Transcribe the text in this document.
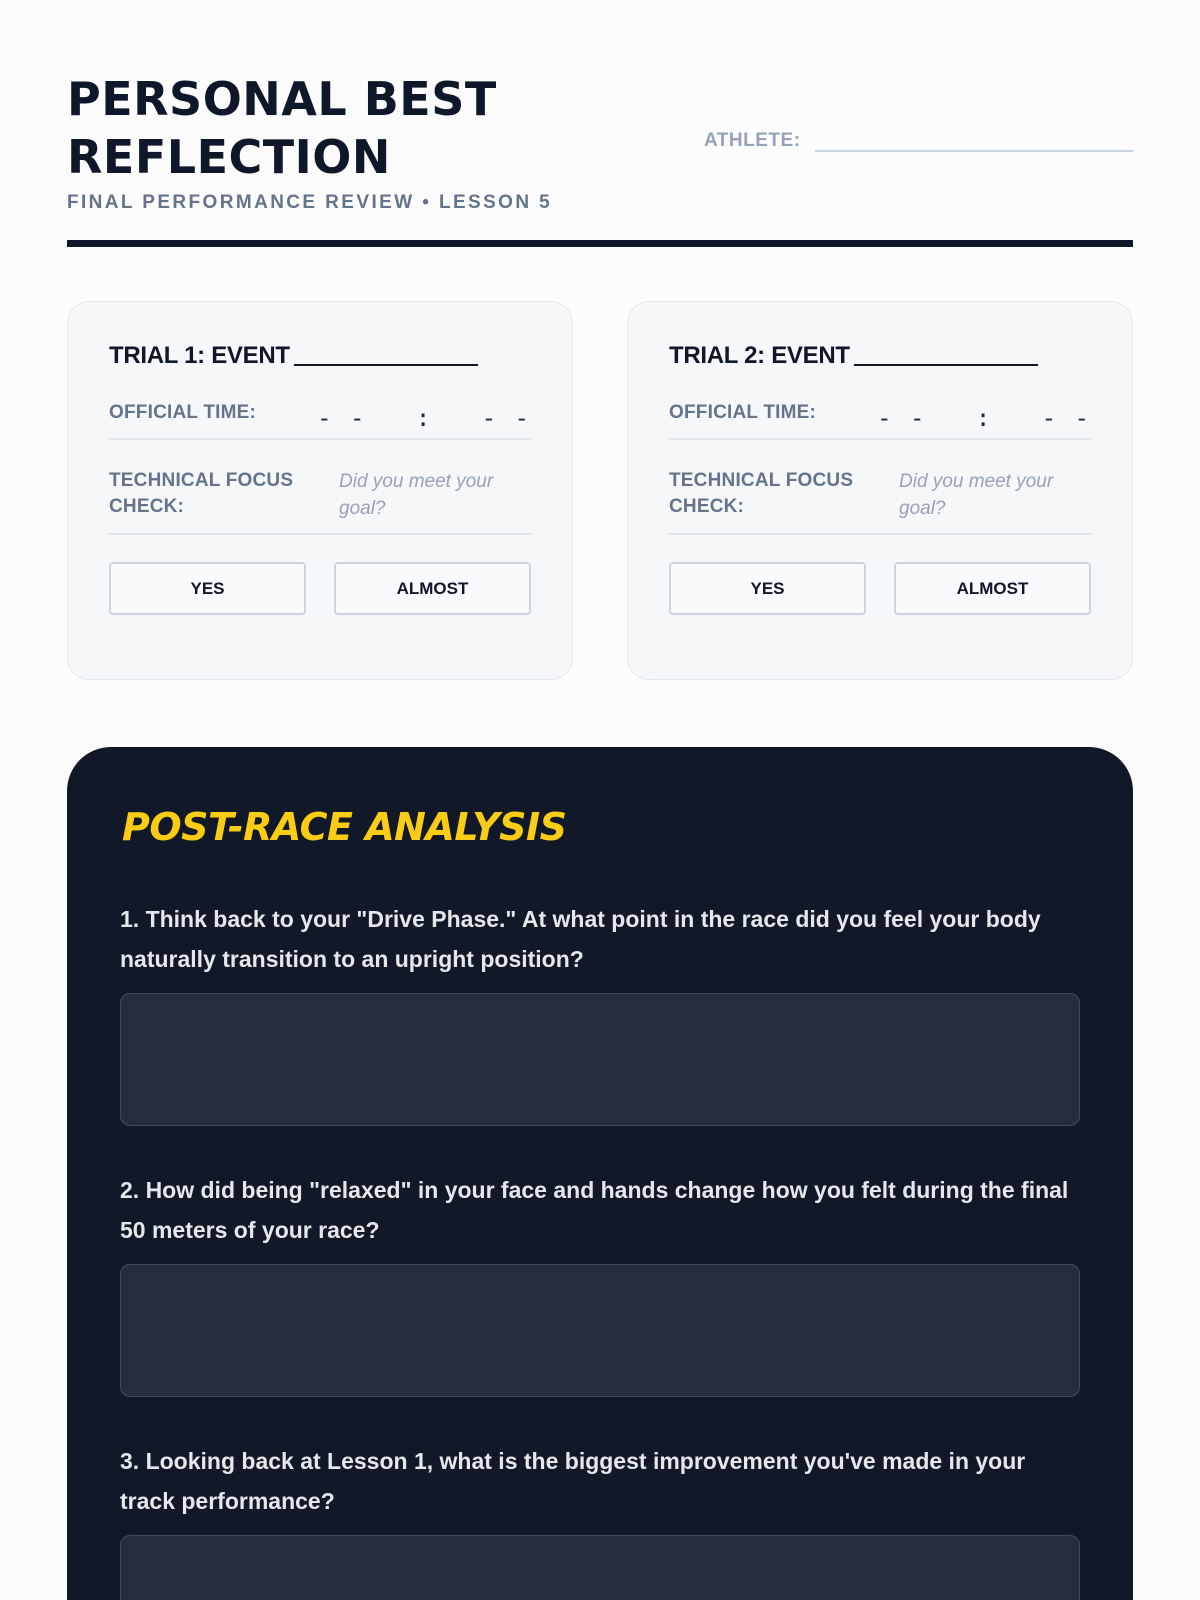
PERSONAL BEST REFLECTION
FINAL PERFORMANCE REVIEW • LESSON 5
ATHLETE:
TRIAL 1: EVENT
OFFICIAL TIME:	- -   :   - -
TECHNICAL FOCUS CHECK:
Did you meet your goal?
YES	ALMOST
TRIAL 2: EVENT
OFFICIAL TIME:	- -   :   - -
TECHNICAL FOCUS CHECK:
Did you meet your goal?
YES	ALMOST
POST-RACE ANALYSIS

1. Think back to your "Drive Phase." At what point in the race did you feel your body naturally transition to an upright position?

2. How did being "relaxed" in your face and hands change how you felt during the final 50 meters of your race?

3. Looking back at Lesson 1, what is the biggest improvement you've made in your track performance?
